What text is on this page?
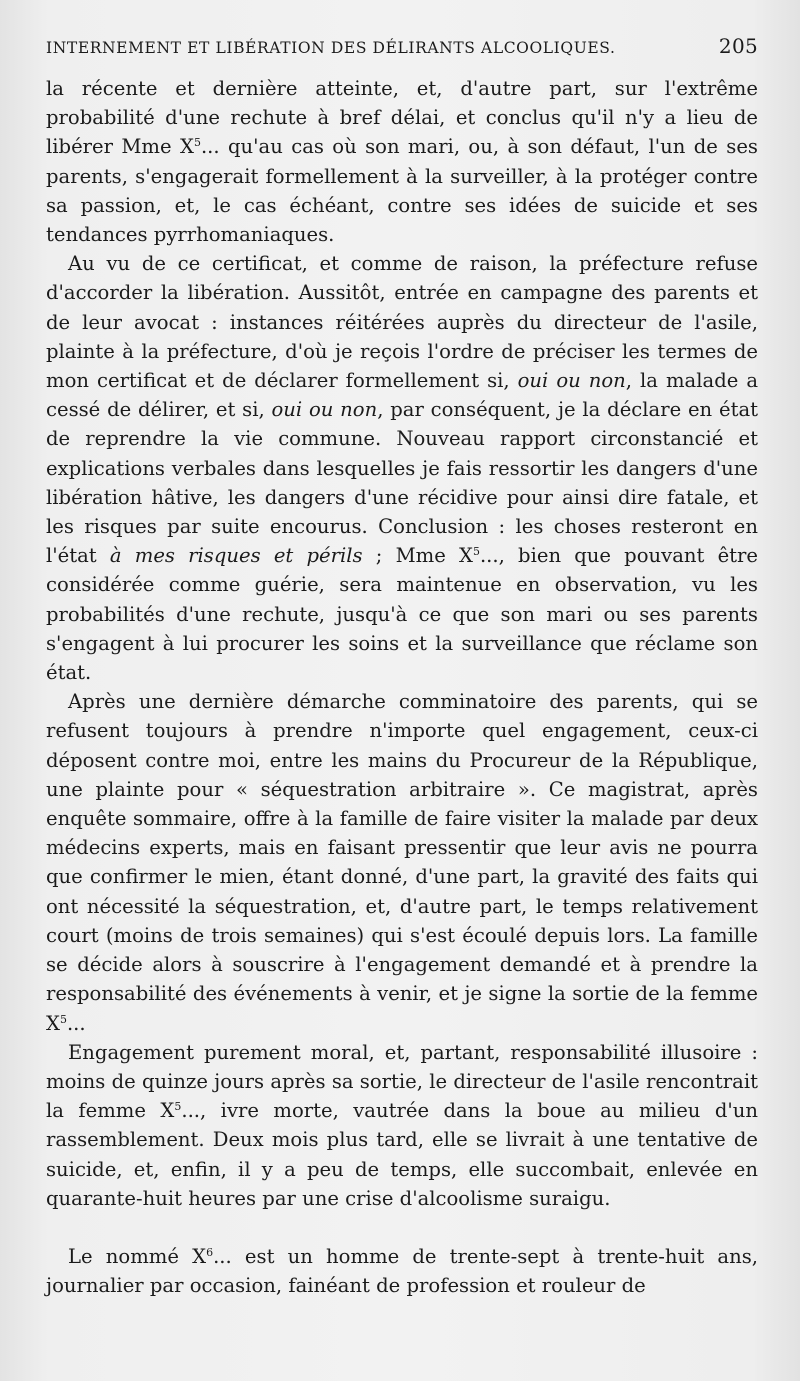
INTERNEMENT ET LIBÉRATION DES DÉLIRANTS ALCOOLIQUES.	205

la récente et dernière atteinte, et, d'autre part, sur l'extrême probabilité d'une rechute à bref délai, et conclus qu'il n'y a lieu de libérer Mme $X^5$... qu'au cas où son mari, ou, à son défaut, l'un de ses parents, s'engagerait formellement à la surveiller, à la protéger contre sa passion, et, le cas échéant, contre ses idées de suicide et ses tendances pyrrhomaniaques.

Au vu de ce certificat, et comme de raison, la préfecture refuse d'accorder la libération. Aussitôt, entrée en campagne des parents et de leur avocat : instances réitérées auprès du directeur de l'asile, plainte à la préfecture, d'où je reçois l'ordre de préciser les termes de mon certificat et de déclarer formellement si, oui ou non, la malade a cessé de délirer, et si, oui ou non, par conséquent, je la déclare en état de reprendre la vie commune. Nouveau rapport circonstancié et explications verbales dans lesquelles je fais ressortir les dangers d'une libération hâtive, les dangers d'une récidive pour ainsi dire fatale, et les risques par suite encourus. Conclusion : les choses resteront en l'état à mes risques et périls ; Mme $X^5$..., bien que pouvant être considérée comme guérie, sera maintenue en observation, vu les probabilités d'une rechute, jusqu'à ce que son mari ou ses parents s'engagent à lui procurer les soins et la surveillance que réclame son état.

Après une dernière démarche comminatoire des parents, qui se refusent toujours à prendre n'importe quel engagement, ceux-ci déposent contre moi, entre les mains du Procureur de la République, une plainte pour « séquestration arbitraire ». Ce magistrat, après enquête sommaire, offre à la famille de faire visiter la malade par deux médecins experts, mais en faisant pressentir que leur avis ne pourra que confirmer le mien, étant donné, d'une part, la gravité des faits qui ont nécessité la séquestration, et, d'autre part, le temps relativement court (moins de trois semaines) qui s'est écoulé depuis lors. La famille se décide alors à souscrire à l'engagement demandé et à prendre la responsabilité des événements à venir, et je signe la sortie de la femme $X^5$...

Engagement purement moral, et, partant, responsabilité illusoire : moins de quinze jours après sa sortie, le directeur de l'asile rencontrait la femme $X^5$..., ivre morte, vautrée dans la boue au milieu d'un rassemblement. Deux mois plus tard, elle se livrait à une tentative de suicide, et, enfin, il y a peu de temps, elle succombait, enlevée en quarante-huit heures par une crise d'alcoolisme suraigu.

Le nommé $X^6$... est un homme de trente-sept à trente-huit ans, journalier par occasion, fainéant de profession et rouleur de
